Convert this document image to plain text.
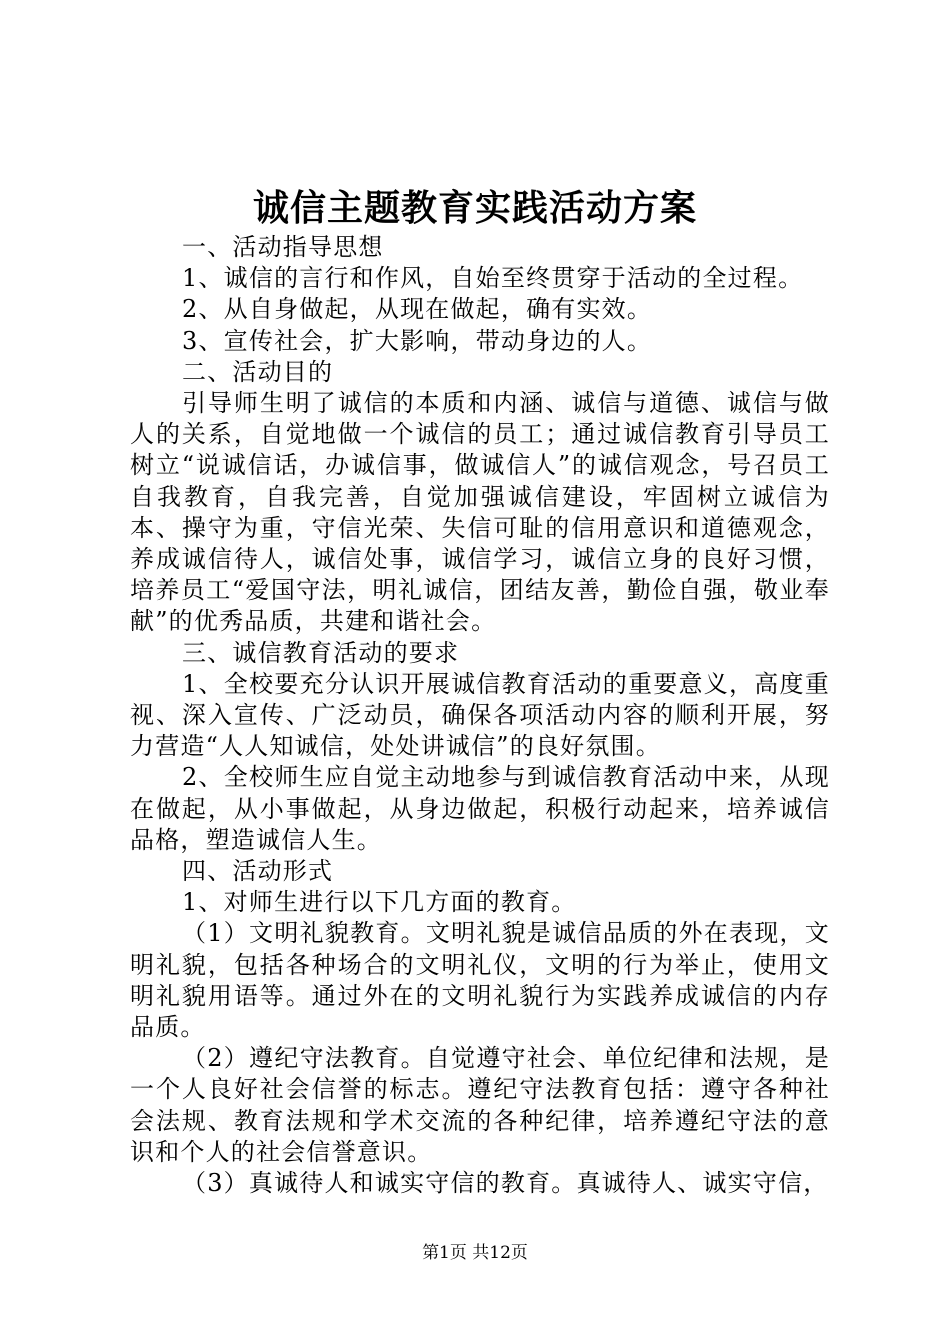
诚信主题教育实践活动方案

一、活动指导思想

1、诚信的言行和作风，自始至终贯穿于活动的全过程。

2、从自身做起，从现在做起，确有实效。

3、宣传社会，扩大影响，带动身边的人。

二、活动目的

引导师生明了诚信的本质和内涵、诚信与道德、诚信与做人的关系，自觉地做一个诚信的员工；通过诚信教育引导员工树立“说诚信话，办诚信事，做诚信人”的诚信观念，号召员工自我教育，自我完善，自觉加强诚信建设，牢固树立诚信为本、操守为重，守信光荣、失信可耻的信用意识和道德观念，养成诚信待人，诚信处事，诚信学习，诚信立身的良好习惯，培养员工“爱国守法，明礼诚信，团结友善，勤俭自强，敬业奉献”的优秀品质，共建和谐社会。

三、诚信教育活动的要求

1、全校要充分认识开展诚信教育活动的重要意义，高度重视、深入宣传、广泛动员，确保各项活动内容的顺利开展，努力营造“人人知诚信，处处讲诚信”的良好氛围。

2、全校师生应自觉主动地参与到诚信教育活动中来，从现在做起，从小事做起，从身边做起，积极行动起来，培养诚信品格，塑造诚信人生。

四、活动形式

1、对师生进行以下几方面的教育。

（1）文明礼貌教育。文明礼貌是诚信品质的外在表现，文明礼貌，包括各种场合的文明礼仪，文明的行为举止，使用文明礼貌用语等。通过外在的文明礼貌行为实践养成诚信的内存品质。

（2）遵纪守法教育。自觉遵守社会、单位纪律和法规，是一个人良好社会信誉的标志。遵纪守法教育包括：遵守各种社会法规、教育法规和学术交流的各种纪律，培养遵纪守法的意识和个人的社会信誉意识。

（3）真诚待人和诚实守信的教育。真诚待人、诚实守信，

第1页 共12页
